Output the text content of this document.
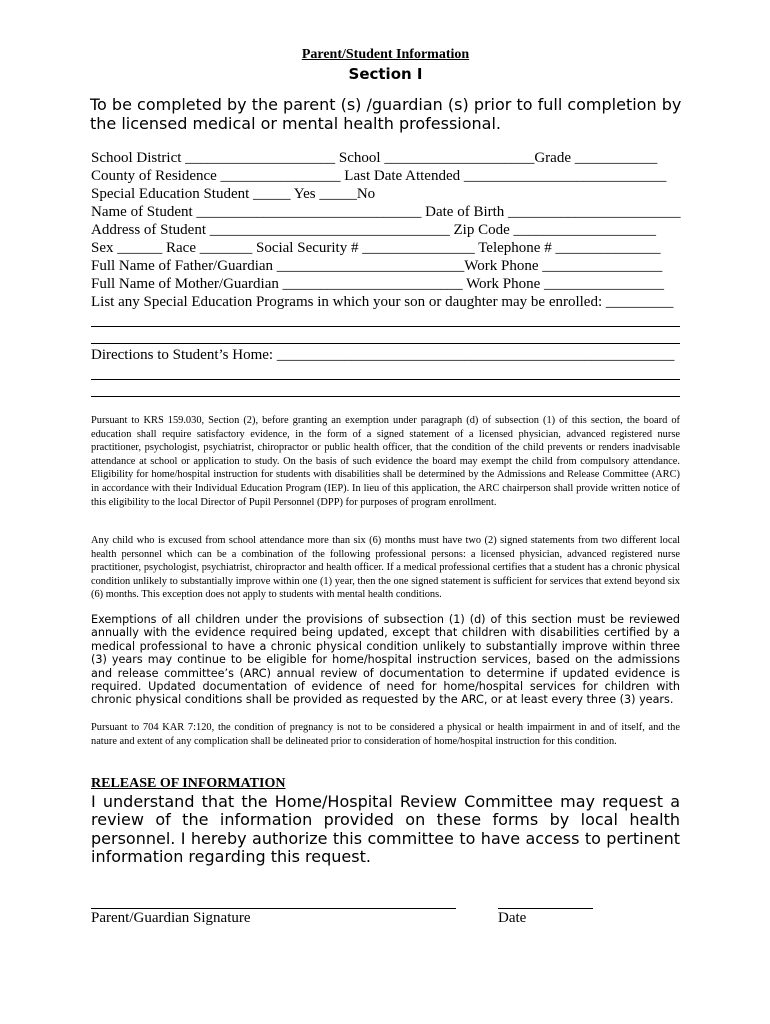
Parent/Student Information
Section I
To be completed by the parent (s) /guardian (s) prior to full completion by the licensed medical or mental health professional.
School District ____________________ School ____________________Grade ___________
County of Residence ________________ Last Date Attended ___________________________
Special Education Student _____ Yes _____No
Name of Student ______________________________ Date of Birth _______________________
Address of Student ________________________________ Zip Code ___________________
Sex ______ Race _______ Social Security # _______________ Telephone # ______________
Full Name of Father/Guardian _________________________Work Phone ________________
Full Name of Mother/Guardian ________________________ Work Phone ________________
List any Special Education Programs in which your son or daughter may be enrolled: _________
Directions to Student’s Home: _____________________________________________________
Pursuant to KRS 159.030, Section (2), before granting an exemption under paragraph (d) of subsection (1) of this section, the board of education shall require satisfactory evidence, in the form of a signed statement of a licensed physician, advanced registered nurse practitioner, psychologist, psychiatrist, chiropractor or public health officer, that the condition of the child prevents or renders inadvisable attendance at school or application to study. On the basis of such evidence the board may exempt the child from compulsory attendance. Eligibility for home/hospital instruction for students with disabilities shall be determined by the Admissions and Release Committee (ARC) in accordance with their Individual Education Program (IEP). In lieu of this application, the ARC chairperson shall provide written notice of this eligibility to the local Director of Pupil Personnel (DPP) for purposes of program enrollment.
Any child who is excused from school attendance more than six (6) months must have two (2) signed statements from two different local health personnel which can be a combination of the following professional persons: a licensed physician, advanced registered nurse practitioner, psychologist, psychiatrist, chiropractor and health officer. If a medical professional certifies that a student has a chronic physical condition unlikely to substantially improve within one (1) year, then the one signed statement is sufficient for services that extend beyond six (6) months. This exception does not apply to students with mental health conditions.
Exemptions of all children under the provisions of subsection (1) (d) of this section must be reviewed annually with the evidence required being updated, except that children with disabilities certified by a medical professional to have a chronic physical condition unlikely to substantially improve within three (3) years may continue to be eligible for home/hospital instruction services, based on the admissions and release committee’s (ARC) annual review of documentation to determine if updated evidence is required. Updated documentation of evidence of need for home/hospital services for children with chronic physical conditions shall be provided as requested by the ARC, or at least every three (3) years.
Pursuant to 704 KAR 7:120, the condition of pregnancy is not to be considered a physical or health impairment in and of itself, and the nature and extent of any complication shall be delineated prior to consideration of home/hospital instruction for this condition.
RELEASE OF INFORMATION
I understand that the Home/Hospital Review Committee may request a review of the information provided on these forms by local health personnel. I hereby authorize this committee to have access to pertinent information regarding this request.
Parent/Guardian Signature	Date
